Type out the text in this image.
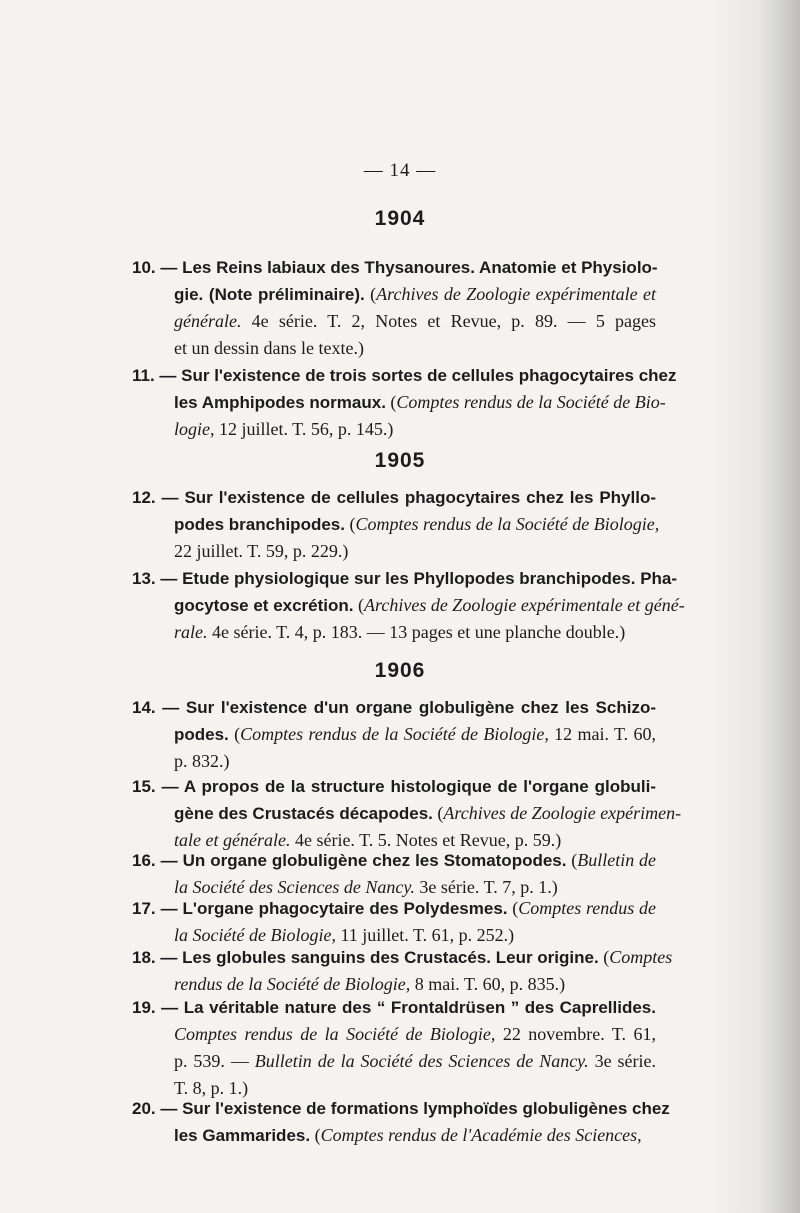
— 14 —
1904
10. — Les Reins labiaux des Thysanoures. Anatomie et Physiolo-
gie. (Note préliminaire). (Archives de Zoologie expérimentale et
générale. 4e série. T. 2, Notes et Revue, p. 89. — 5 pages
et un dessin dans le texte.)
11. — Sur l'existence de trois sortes de cellules phagocytaires chez
les Amphipodes normaux. (Comptes rendus de la Société de Bio-
logie, 12 juillet. T. 56, p. 145.)
1905
12. — Sur l'existence de cellules phagocytaires chez les Phyllo-
podes branchipodes. (Comptes rendus de la Société de Biologie,
22 juillet. T. 59, p. 229.)
13. — Etude physiologique sur les Phyllopodes branchipodes. Pha-
gocytose et excrétion. (Archives de Zoologie expérimentale et géné-
rale. 4e série. T. 4, p. 183. — 13 pages et une planche double.)
1906
14. — Sur l'existence d'un organe globuligène chez les Schizo-
podes. (Comptes rendus de la Société de Biologie, 12 mai. T. 60,
p. 832.)
15. — A propos de la structure histologique de l'organe globuli-
gène des Crustacés décapodes. (Archives de Zoologie expérimen-
tale et générale. 4e série. T. 5. Notes et Revue, p. 59.)
16. — Un organe globuligène chez les Stomatopodes. (Bulletin de
la Société des Sciences de Nancy. 3e série. T. 7, p. 1.)
17. — L'organe phagocytaire des Polydesmes. (Comptes rendus de
la Société de Biologie, 11 juillet. T. 61, p. 252.)
18. — Les globules sanguins des Crustacés. Leur origine. (Comptes
rendus de la Société de Biologie, 8 mai. T. 60, p. 835.)
19. — La véritable nature des “ Frontaldrüsen ” des Caprellides.
Comptes rendus de la Société de Biologie, 22 novembre. T. 61,
p. 539. — Bulletin de la Société des Sciences de Nancy. 3e série.
T. 8, p. 1.)
20. — Sur l'existence de formations lymphoïdes globuligènes chez
les Gammarides. (Comptes rendus de l'Académie des Sciences,
